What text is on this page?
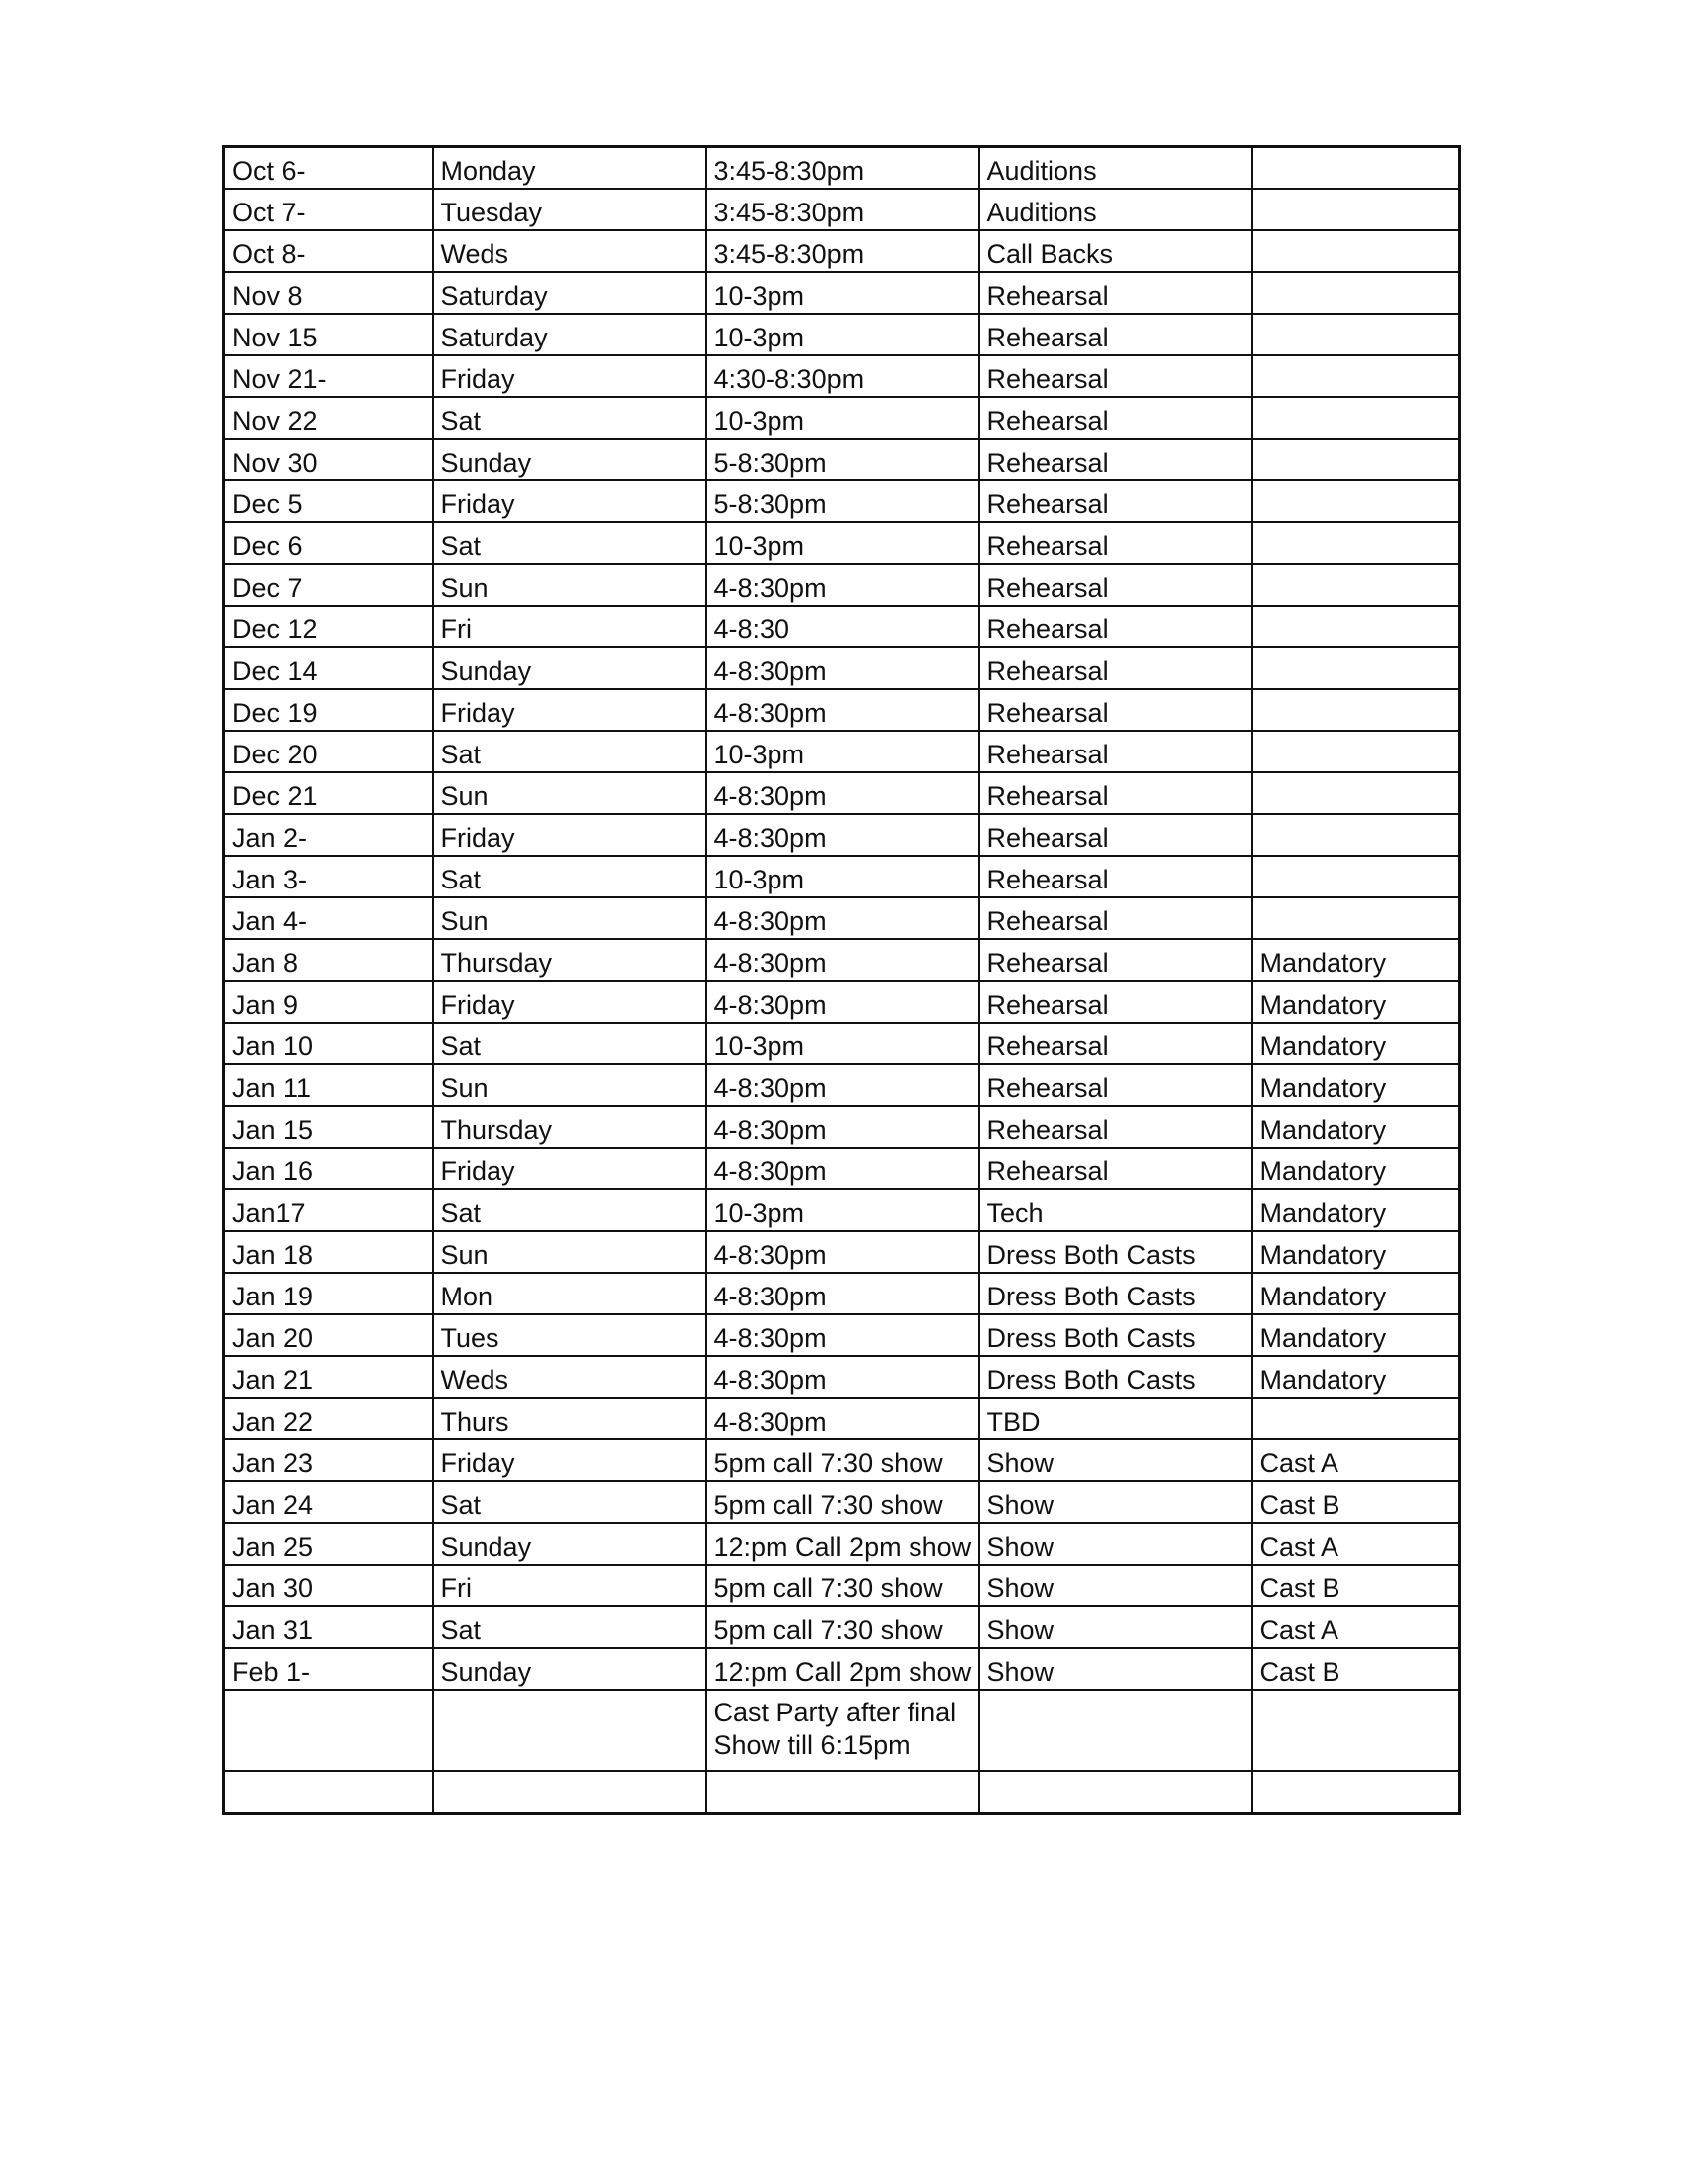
Oct 6-	Monday	3:45-8:30pm	Auditions	
Oct 7-	Tuesday	3:45-8:30pm	Auditions	
Oct 8-	Weds	3:45-8:30pm	Call Backs	
Nov 8	Saturday	10-3pm	Rehearsal	
Nov 15	Saturday	10-3pm	Rehearsal	
Nov 21-	Friday	4:30-8:30pm	Rehearsal	
Nov 22	Sat	10-3pm	Rehearsal	
Nov 30	Sunday	5-8:30pm	Rehearsal	
Dec 5	Friday	5-8:30pm	Rehearsal	
Dec 6	Sat	10-3pm	Rehearsal	
Dec 7	Sun	4-8:30pm	Rehearsal	
Dec 12	Fri	4-8:30	Rehearsal	
Dec 14	Sunday	4-8:30pm	Rehearsal	
Dec 19	Friday	4-8:30pm	Rehearsal	
Dec 20	Sat	10-3pm	Rehearsal	
Dec 21	Sun	4-8:30pm	Rehearsal	
Jan 2-	Friday	4-8:30pm	Rehearsal	
Jan 3-	Sat	10-3pm	Rehearsal	
Jan 4-	Sun	4-8:30pm	Rehearsal	
Jan 8	Thursday	4-8:30pm	Rehearsal	Mandatory
Jan 9	Friday	4-8:30pm	Rehearsal	Mandatory
Jan 10	Sat	10-3pm	Rehearsal	Mandatory
Jan 11	Sun	4-8:30pm	Rehearsal	Mandatory
Jan 15	Thursday	4-8:30pm	Rehearsal	Mandatory
Jan 16	Friday	4-8:30pm	Rehearsal	Mandatory
Jan17	Sat	10-3pm	Tech	Mandatory
Jan 18	Sun	4-8:30pm	Dress Both Casts	Mandatory
Jan 19	Mon	4-8:30pm	Dress Both Casts	Mandatory
Jan 20	Tues	4-8:30pm	Dress Both Casts	Mandatory
Jan 21	Weds	4-8:30pm	Dress Both Casts	Mandatory
Jan 22	Thurs	4-8:30pm	TBD	
Jan 23	Friday	5pm call 7:30 show	Show	Cast A
Jan 24	Sat	5pm call 7:30 show	Show	Cast B
Jan 25	Sunday	12:pm Call 2pm show	Show	Cast A
Jan 30	Fri	5pm call 7:30 show	Show	Cast B
Jan 31	Sat	5pm call 7:30 show	Show	Cast A
Feb 1-	Sunday	12:pm Call 2pm show	Show	Cast B
		Cast Party after final Show till 6:15pm		
